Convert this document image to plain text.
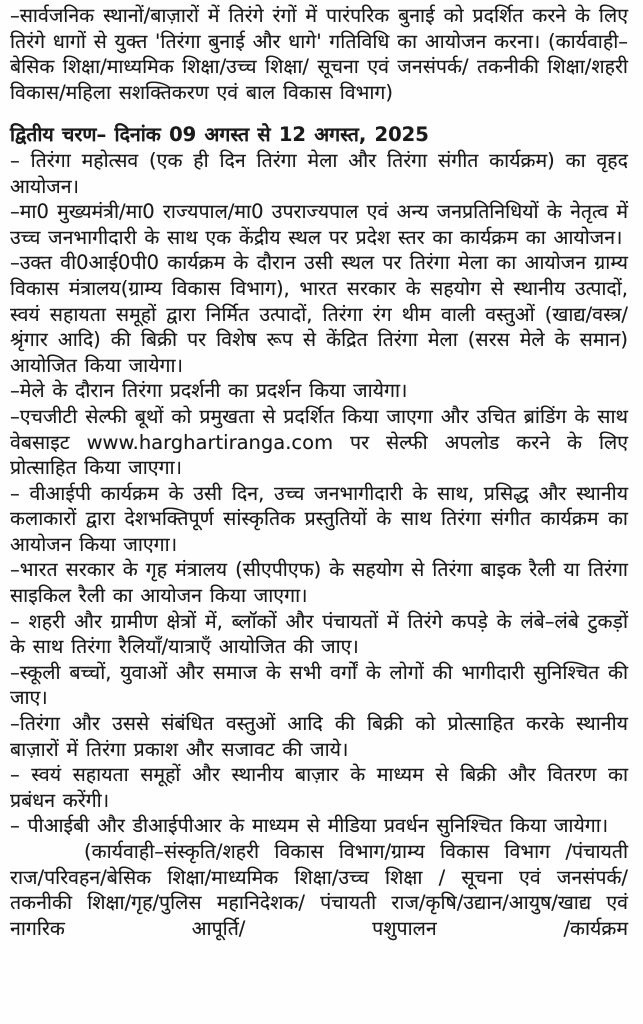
–सार्वजनिक स्थानों/बाज़ारों में तिरंगे रंगों में पारंपरिक बुनाई को प्रदर्शित करने के लिए तिरंगे धागों से युक्त 'तिरंगा बुनाई और धागे' गतिविधि का आयोजन करना। (कार्यवाही–बेसिक शिक्षा/माध्यमिक शिक्षा/उच्च शिक्षा/ सूचना एवं जनसंपर्क/ तकनीकी शिक्षा/शहरी विकास/महिला सशक्तिकरण एवं बाल विकास विभाग)

द्वितीय चरण– दिनांक 09 अगस्त से 12 अगस्त, 2025

– तिरंगा महोत्सव (एक ही दिन तिरंगा मेला और तिरंगा संगीत कार्यक्रम) का वृहद आयोजन।

–मा0 मुख्यमंत्री/मा0 राज्यपाल/मा0 उपराज्यपाल एवं अन्य जनप्रतिनिधियों के नेतृत्व में उच्च जनभागीदारी के साथ एक केंद्रीय स्थल पर प्रदेश स्तर का कार्यक्रम का आयोजन।

–उक्त वी0आई0पी0 कार्यक्रम के दौरान उसी स्थल पर तिरंगा मेला का आयोजन ग्राम्य विकास मंत्रालय(ग्राम्य विकास विभाग), भारत सरकार के सहयोग से स्थानीय उत्पादों, स्वयं सहायता समूहों द्वारा निर्मित उत्पादों, तिरंगा रंग थीम वाली वस्तुओं (खाद्य/वस्त्र/श्रृंगार आदि) की बिक्री पर विशेष रूप से केंद्रित तिरंगा मेला (सरस मेले के समान) आयोजित किया जायेगा।

–मेले के दौरान तिरंगा प्रदर्शनी का प्रदर्शन किया जायेगा।

–एचजीटी सेल्फी बूथों को प्रमुखता से प्रदर्शित किया जाएगा और उचित ब्रांडिंग के साथ वेबसाइट www.harghartiranga.com पर सेल्फी अपलोड करने के लिए प्रोत्साहित किया जाएगा।

– वीआईपी कार्यक्रम के उसी दिन, उच्च जनभागीदारी के साथ, प्रसिद्ध और स्थानीय कलाकारों द्वारा देशभक्तिपूर्ण सांस्कृतिक प्रस्तुतियों के साथ तिरंगा संगीत कार्यक्रम का आयोजन किया जाएगा।

–भारत सरकार के गृह मंत्रालय (सीएपीएफ) के सहयोग से तिरंगा बाइक रैली या तिरंगा साइकिल रैली का आयोजन किया जाएगा।

– शहरी और ग्रामीण क्षेत्रों में, ब्लॉकों और पंचायतों में तिरंगे कपड़े के लंबे–लंबे टुकड़ों के साथ तिरंगा रैलियाँ/यात्राएँ आयोजित की जाए।

–स्कूली बच्चों, युवाओं और समाज के सभी वर्गों के लोगों की भागीदारी सुनिश्चित की जाए।

–तिरंगा और उससे संबंधित वस्तुओं आदि की बिक्री को प्रोत्साहित करके स्थानीय बाज़ारों में तिरंगा प्रकाश और सजावट की जाये।

– स्वयं सहायता समूहों और स्थानीय बाज़ार के माध्यम से बिक्री और वितरण का प्रबंधन करेंगी।

– पीआईबी और डीआईपीआर के माध्यम से मीडिया प्रवर्धन सुनिश्चित किया जायेगा।

(कार्यवाही–संस्कृति/शहरी विकास विभाग/ग्राम्य विकास विभाग /पंचायती राज/परिवहन/बेसिक शिक्षा/माध्यमिक शिक्षा/उच्च शिक्षा / सूचना एवं जनसंपर्क/तकनीकी शिक्षा/गृह/पुलिस महानिदेशक/ पंचायती राज/कृषि/उद्यान/आयुष/खाद्य एवं नागरिक आपूर्ति/ पशुपालन /कार्यक्रम
